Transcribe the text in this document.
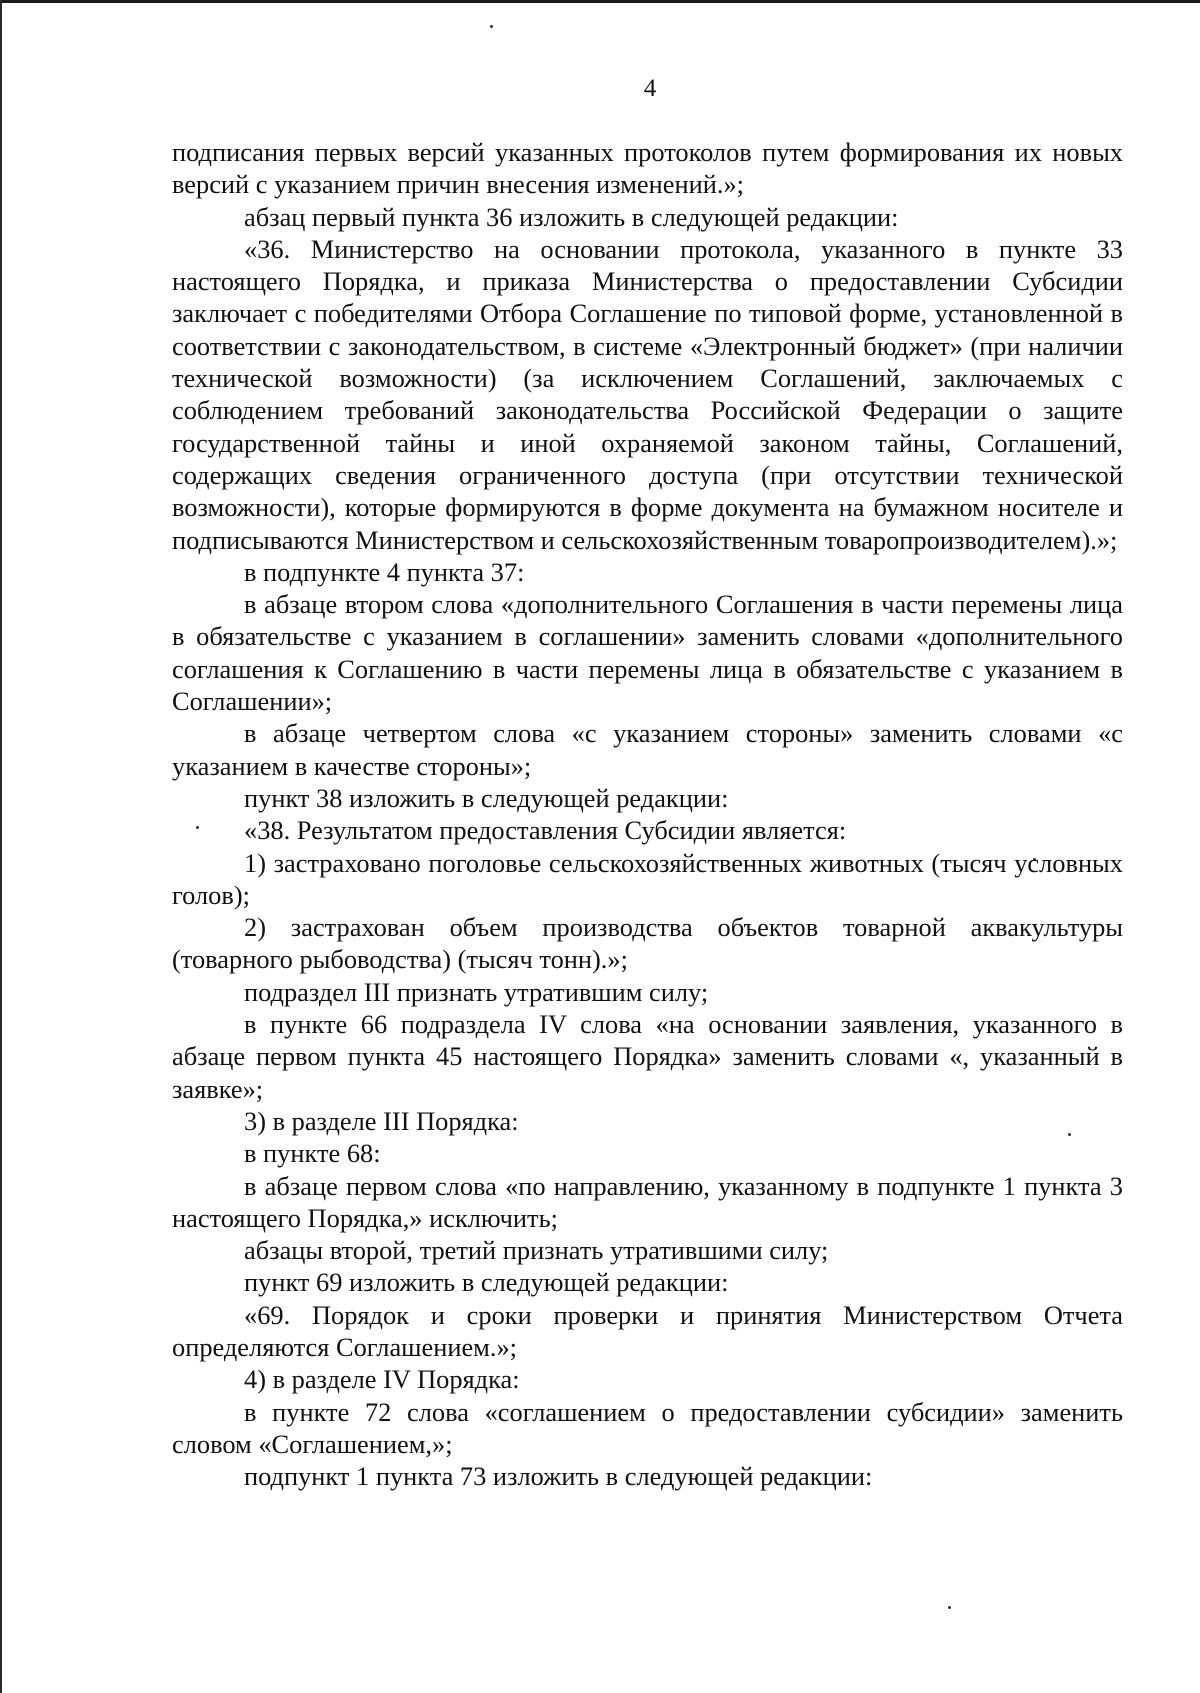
4

подписания первых версий указанных протоколов путем формирования их новых версий с указанием причин внесения изменений.»;

абзац первый пункта 36 изложить в следующей редакции:

«36. Министерство на основании протокола, указанного в пункте 33 настоящего Порядка, и приказа Министерства о предоставлении Субсидии заключает с победителями Отбора Соглашение по типовой форме, установленной в соответствии с законодательством, в системе «Электронный бюджет» (при наличии технической возможности) (за исключением Соглашений, заключаемых с соблюдением требований законодательства Российской Федерации о защите государственной тайны и иной охраняемой законом тайны, Соглашений, содержащих сведения ограниченного доступа (при отсутствии технической возможности), которые формируются в форме документа на бумажном носителе и подписываются Министерством и сельскохозяйственным товаропроизводителем).»;

в подпункте 4 пункта 37:

в абзаце втором слова «дополнительного Соглашения в части перемены лица в обязательстве с указанием в соглашении» заменить словами «дополнительного соглашения к Соглашению в части перемены лица в обязательстве с указанием в Соглашении»;

в абзаце четвертом слова «с указанием стороны» заменить словами «с указанием в качестве стороны»;

пункт 38 изложить в следующей редакции:

«38. Результатом предоставления Субсидии является:

1) застраховано поголовье сельскохозяйственных животных (тысяч условных голов);

2) застрахован объем производства объектов товарной аквакультуры (товарного рыбоводства) (тысяч тонн).»;

подраздел III признать утратившим силу;

в пункте 66 подраздела IV слова «на основании заявления, указанного в абзаце первом пункта 45 настоящего Порядка» заменить словами «, указанный в заявке»;

3) в разделе III Порядка:

в пункте 68:

в абзаце первом слова «по направлению, указанному в подпункте 1 пункта 3 настоящего Порядка,» исключить;

абзацы второй, третий признать утратившими силу;

пункт 69 изложить в следующей редакции:

«69. Порядок и сроки проверки и принятия Министерством Отчета определяются Соглашением.»;

4) в разделе IV Порядка:

в пункте 72 слова «соглашением о предоставлении субсидии» заменить словом «Соглашением,»;

подпункт 1 пункта 73 изложить в следующей редакции:
